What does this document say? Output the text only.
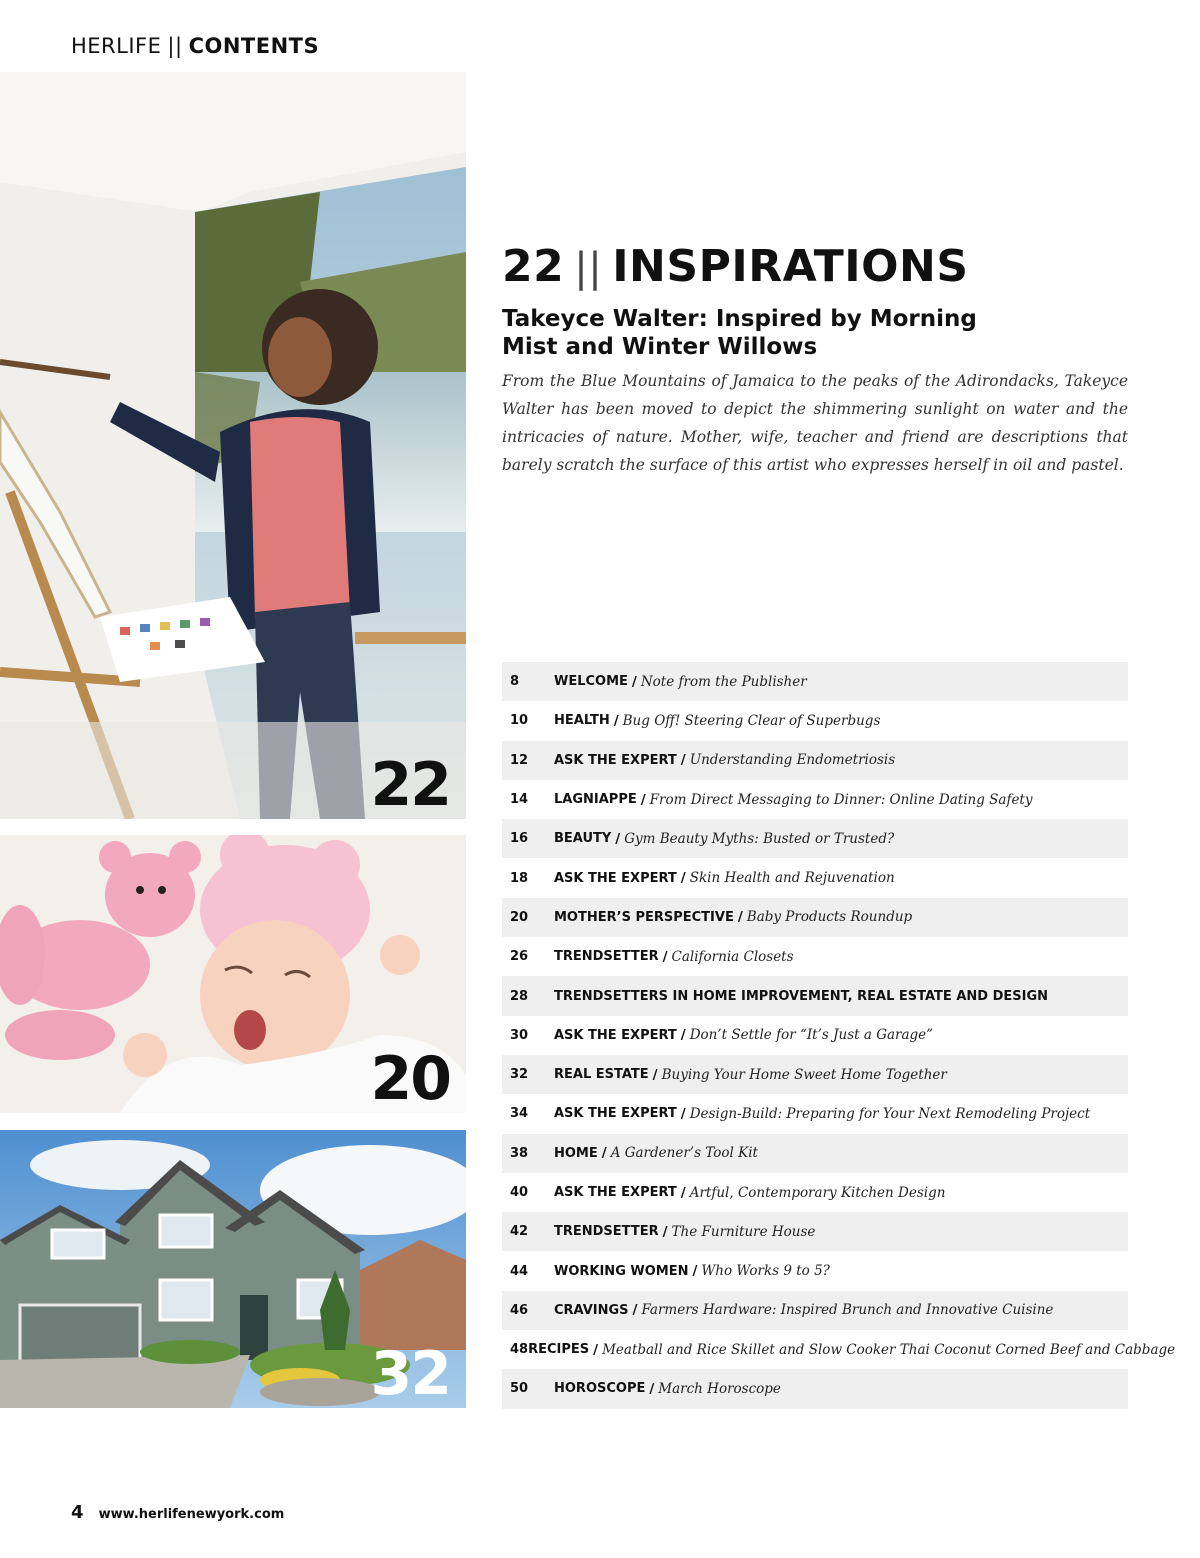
HERLIFE || CONTENTS
22
20
32
22 || INSPIRATIONS
Takeyce Walter: Inspired by Morning Mist and Winter Willows
From the Blue Mountains of Jamaica to the peaks of the Adirondacks, Takeyce Walter has been moved to depict the shimmering sunlight on water and the intricacies of nature. Mother, wife, teacher and friend are descriptions that barely scratch the surface of this artist who expresses herself in oil and pastel.
8	WELCOME / Note from the Publisher
10	HEALTH / Bug Off! Steering Clear of Superbugs
12	ASK THE EXPERT / Understanding Endometriosis
14	LAGNIAPPE / From Direct Messaging to Dinner: Online Dating Safety
16	BEAUTY / Gym Beauty Myths: Busted or Trusted?
18	ASK THE EXPERT / Skin Health and Rejuvenation
20	MOTHER’S PERSPECTIVE / Baby Products Roundup
26	TRENDSETTER / California Closets
28	TRENDSETTERS IN HOME IMPROVEMENT, REAL ESTATE AND DESIGN
30	ASK THE EXPERT / Don’t Settle for “It’s Just a Garage”
32	REAL ESTATE / Buying Your Home Sweet Home Together
34	ASK THE EXPERT / Design-Build: Preparing for Your Next Remodeling Project
38	HOME / A Gardener’s Tool Kit
40	ASK THE EXPERT / Artful, Contemporary Kitchen Design
42	TRENDSETTER / The Furniture House
44	WORKING WOMEN / Who Works 9 to 5?
46	CRAVINGS / Farmers Hardware: Inspired Brunch and Innovative Cuisine
48 RECIPES / Meatball and Rice Skillet and Slow Cooker Thai Coconut Corned Beef and Cabbage
50	HOROSCOPE / March Horoscope
4 www.herlifenewyork.com
